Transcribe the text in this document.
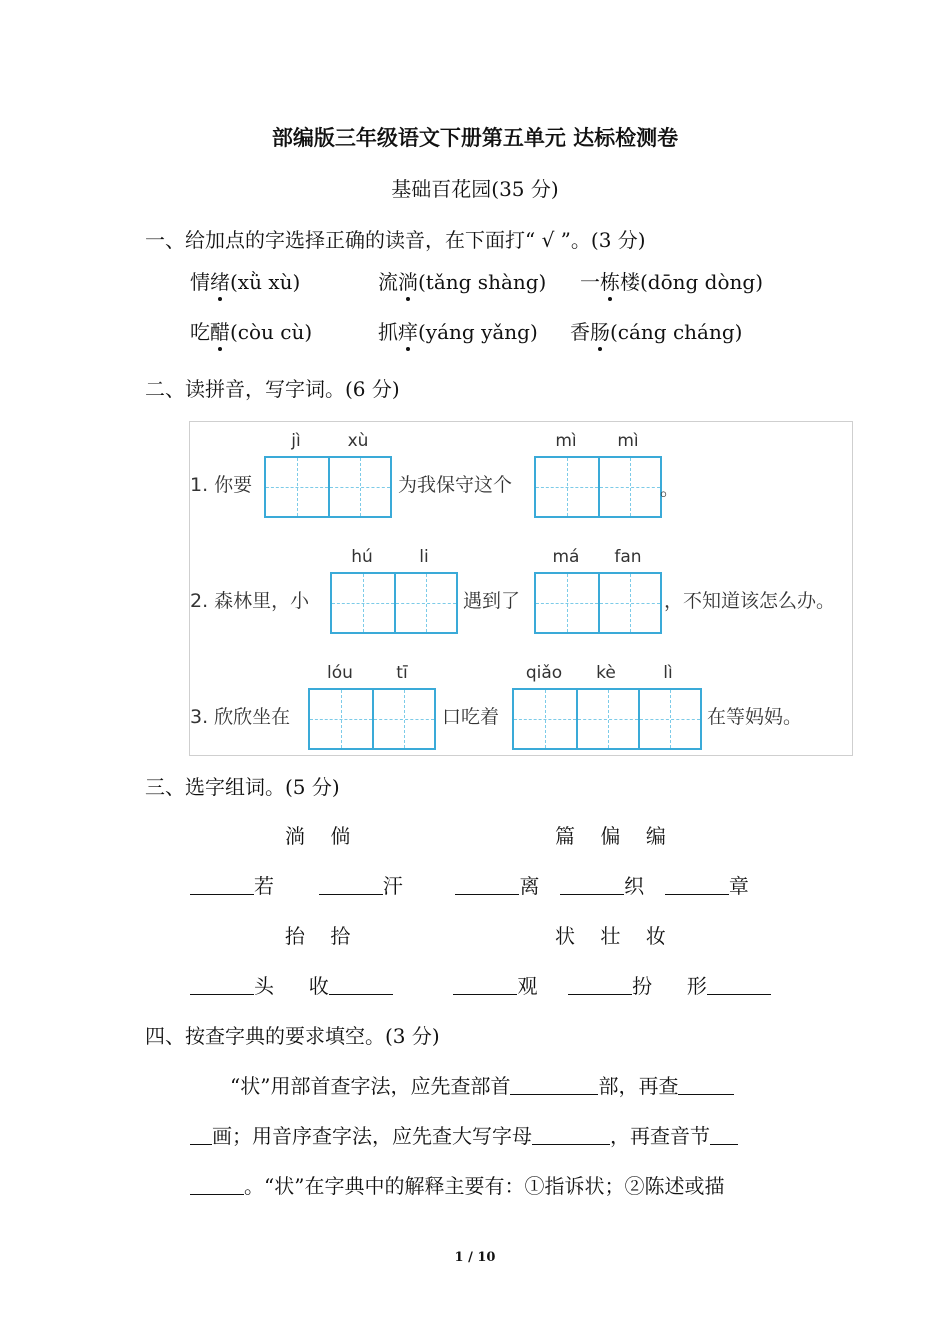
部编版三年级语文下册第五单元 达标检测卷
基础百花园(35 分)
一、给加点的字选择正确的读音，在下面打“ √ ”。(3 分)
情绪(xǜ xù)	流淌(tǎng shàng) 一栋楼(dōng dòng)
吃醋(còu cù)	抓痒(yáng yǎng) 香肠(cáng cháng)
二、读拼音，写字词。(6 分)
1. 你要
jì	xù
为我保守这个
mì	mì
。
2. 森林里，小
hú	li
遇到了
má	fan
，不知道该怎么办。
3. 欣欣坐在
lóu	tī
口吃着
qiǎo	kè	lì
在等妈妈。
三、选字组词。(5 分)
淌    倘	篇    偏    编
若	汗	离	织	章
抬    拾	状    壮    妆
头 收	观	扮 形
四、按查字典的要求填空。(3 分)
“状”用部首查字法，应先查部首	部，再查
画；用音序查字法，应先查大写字母	，再查音节
。“状”在字典中的解释主要有：①指诉状；②陈述或描
1 / 10
